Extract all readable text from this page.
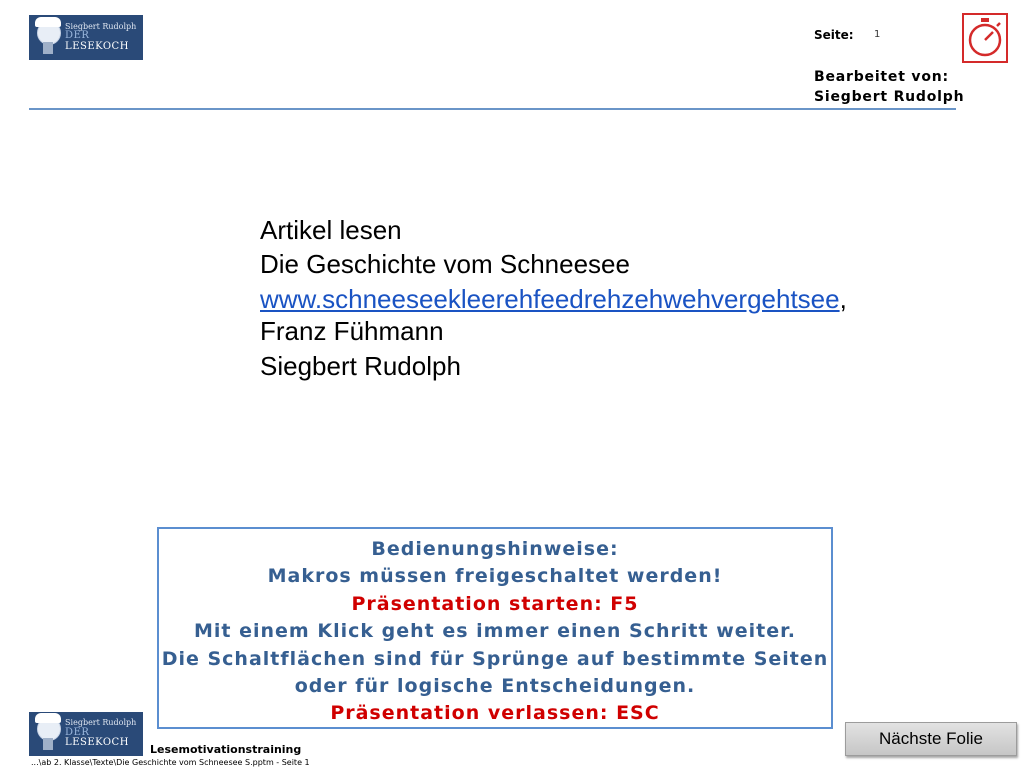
Siegbert Rudolph
DER LESEKOCH
Seite: 1
Bearbeitet von:
Siegbert Rudolph
Artikel lesen
Die Geschichte vom Schneesee
www.schneeseekleerehfeedrehzehwehvergehtsee,
Franz Fühmann
Siegbert Rudolph
Bedienungshinweise:
Makros müssen freigeschaltet werden!
Präsentation starten: F5
Mit einem Klick geht es immer einen Schritt weiter.
Die Schaltflächen sind für Sprünge auf bestimmte Seiten
oder für logische Entscheidungen.
Präsentation verlassen: ESC
Siegbert Rudolph
DER LESEKOCH
Lesemotivationstraining
...\ab 2. Klasse\Texte\Die Geschichte vom Schneesee S.pptm - Seite 1
Nächste Folie
